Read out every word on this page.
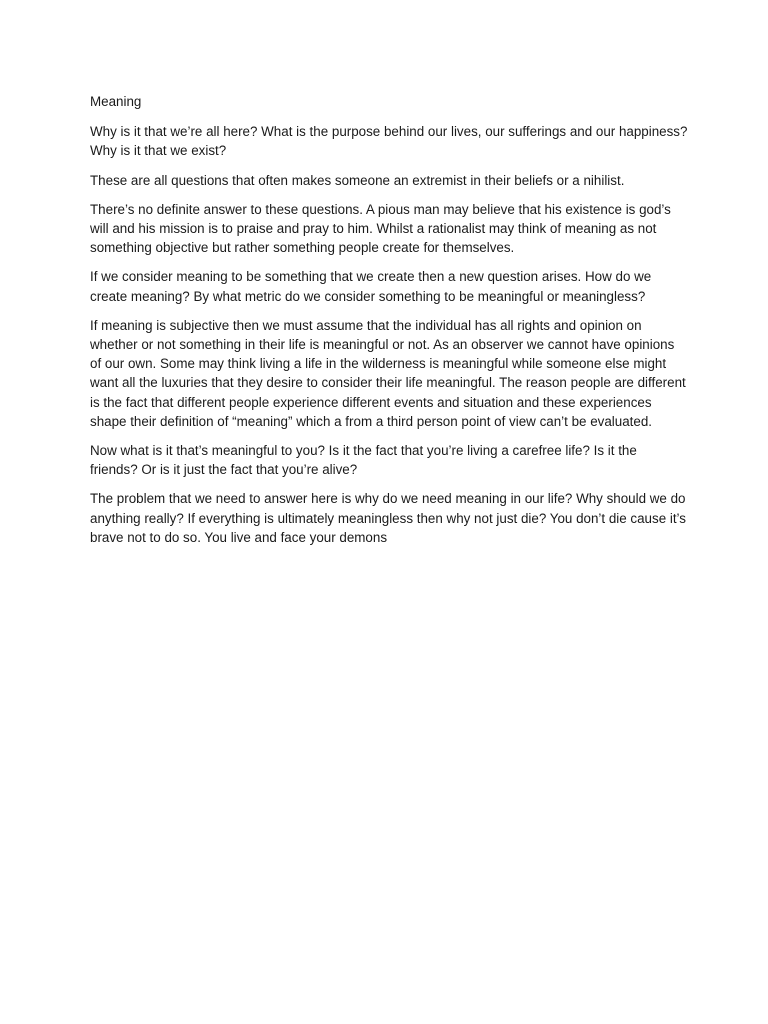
Meaning

Why is it that we’re all here? What is the purpose behind our lives, our sufferings and our happiness? Why is it that we exist?

These are all questions that often makes someone an extremist in their beliefs or a nihilist.

There’s no definite answer to these questions. A pious man may believe that his existence is god’s will and his mission is to praise and pray to him. Whilst a rationalist may think of meaning as not something objective but rather something people create for themselves.

If we consider meaning to be something that we create then a new question arises. How do we create meaning? By what metric do we consider something to be meaningful or meaningless?

If meaning is subjective then we must assume that the individual has all rights and opinion on whether or not something in their life is meaningful or not. As an observer we cannot have opinions of our own. Some may think living a life in the wilderness is meaningful while someone else might want all the luxuries that they desire to consider their life meaningful. The reason people are different is the fact that different people experience different events and situation and these experiences shape their definition of “meaning” which a from a third person point of view can’t be evaluated.

Now what is it that’s meaningful to you? Is it the fact that you’re living a carefree life? Is it the friends? Or is it just the fact that you’re alive?

The problem that we need to answer here is why do we need meaning in our life? Why should we do anything really? If everything is ultimately meaningless then why not just die? You don’t die cause it’s brave not to do so. You live and face your demons
